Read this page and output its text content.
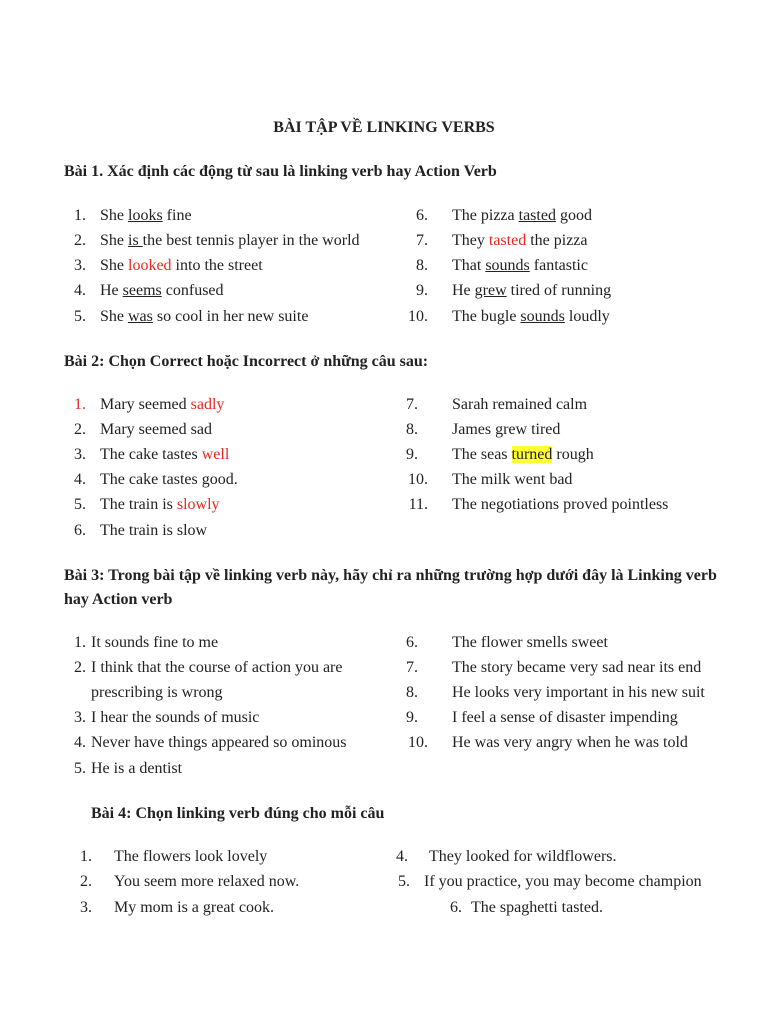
BÀI TẬP VỀ LINKING VERBS
Bài 1. Xác định các động từ sau là linking verb hay Action Verb
1. She looks fine
2. She is the best tennis player in the world
3. She looked into the street
4. He seems confused
5. She was so cool in her new suite
6. The pizza tasted good
7. They tasted the pizza
8. That sounds fantastic
9. He grew tired of running
10. The bugle sounds loudly
Bài 2: Chọn Correct hoặc Incorrect ở những câu sau:
1. Mary seemed sadly
2. Mary seemed sad
3. The cake tastes well
4. The cake tastes good.
5. The train is slowly
6. The train is slow
7. Sarah remained calm
8. James grew tired
9. The seas turned rough
10. The milk went bad
11. The negotiations proved pointless
Bài 3: Trong bài tập về linking verb này, hãy chỉ ra những trường hợp dưới đây là Linking verb
hay Action verb
1. It sounds fine to me
2. I think that the course of action you are
prescribing is wrong
3. I hear the sounds of music
4. Never have things appeared so ominous
5. He is a dentist
6. The flower smells sweet
7. The story became very sad near its end
8. He looks very important in his new suit
9. I feel a sense of disaster impending
10. He was very angry when he was told
Bài 4: Chọn linking verb đúng cho mỗi câu
1. The flowers look lovely
2. You seem more relaxed now.
3. My mom is a great cook.
4. They looked for wildflowers.
5. If you practice, you may become champion
6. The spaghetti tasted.
